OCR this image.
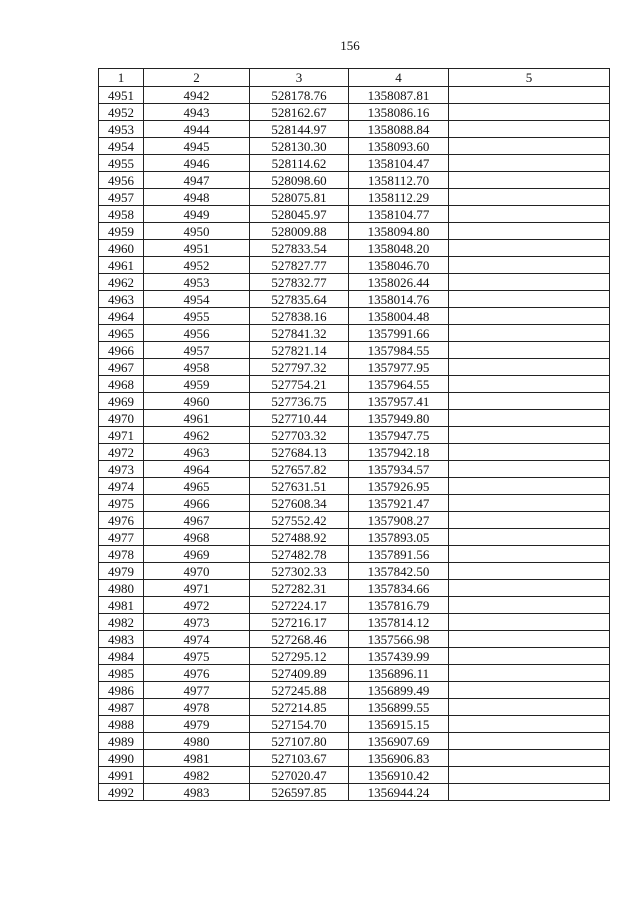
156
1	2	3	4	5
4951	4942	528178.76	1358087.81	
4952	4943	528162.67	1358086.16	
4953	4944	528144.97	1358088.84	
4954	4945	528130.30	1358093.60	
4955	4946	528114.62	1358104.47	
4956	4947	528098.60	1358112.70	
4957	4948	528075.81	1358112.29	
4958	4949	528045.97	1358104.77	
4959	4950	528009.88	1358094.80	
4960	4951	527833.54	1358048.20	
4961	4952	527827.77	1358046.70	
4962	4953	527832.77	1358026.44	
4963	4954	527835.64	1358014.76	
4964	4955	527838.16	1358004.48	
4965	4956	527841.32	1357991.66	
4966	4957	527821.14	1357984.55	
4967	4958	527797.32	1357977.95	
4968	4959	527754.21	1357964.55	
4969	4960	527736.75	1357957.41	
4970	4961	527710.44	1357949.80	
4971	4962	527703.32	1357947.75	
4972	4963	527684.13	1357942.18	
4973	4964	527657.82	1357934.57	
4974	4965	527631.51	1357926.95	
4975	4966	527608.34	1357921.47	
4976	4967	527552.42	1357908.27	
4977	4968	527488.92	1357893.05	
4978	4969	527482.78	1357891.56	
4979	4970	527302.33	1357842.50	
4980	4971	527282.31	1357834.66	
4981	4972	527224.17	1357816.79	
4982	4973	527216.17	1357814.12	
4983	4974	527268.46	1357566.98	
4984	4975	527295.12	1357439.99	
4985	4976	527409.89	1356896.11	
4986	4977	527245.88	1356899.49	
4987	4978	527214.85	1356899.55	
4988	4979	527154.70	1356915.15	
4989	4980	527107.80	1356907.69	
4990	4981	527103.67	1356906.83	
4991	4982	527020.47	1356910.42	
4992	4983	526597.85	1356944.24	
